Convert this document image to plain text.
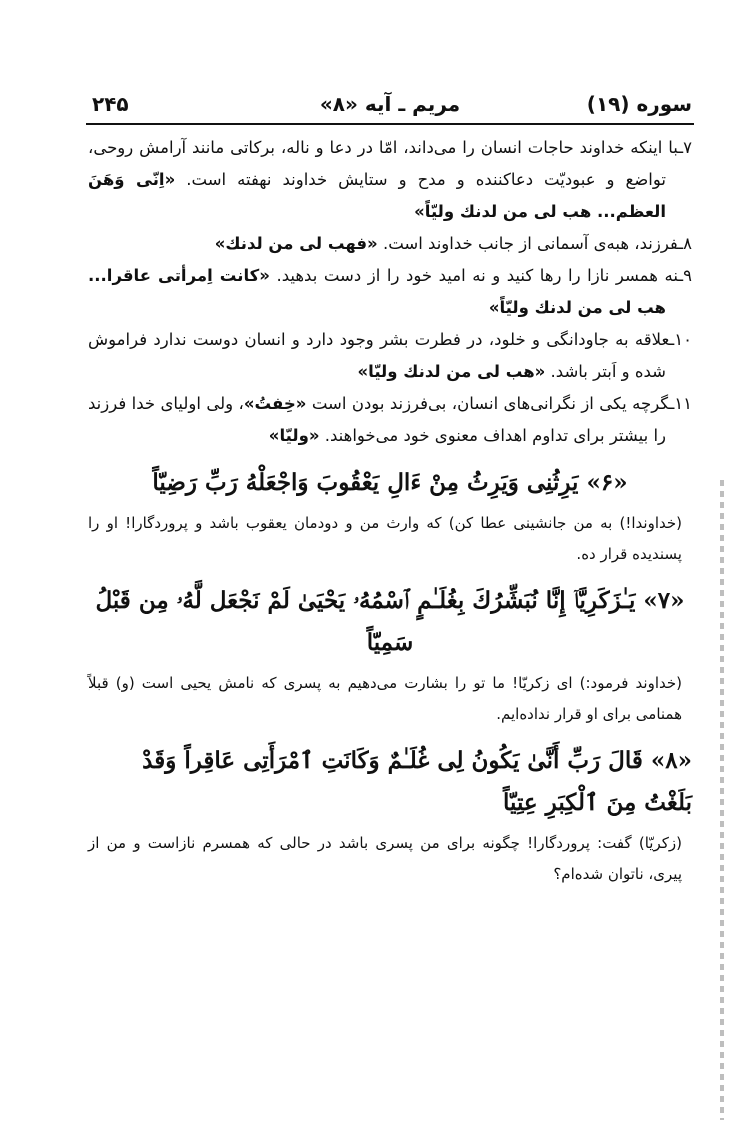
سوره (۱۹)
مریم ـ آیه «۸»
۲۴۵

۷ـبا اینکه خداوند حاجات انسان را می‌داند، امّا در دعا و ناله، برکاتی مانند آرامش روحی، تواضع و عبودیّت دعاکننده و مدح و ستایش خداوند نهفته است. «اِنّی وَهَنَ العظم... هب لی من لدنك ولیّاً»

۸ـفرزند، هبه‌ی آسمانی از جانب خداوند است. «فهب لی من لدنك»

۹ـنه همسر نازا را رها کنید و نه امید خود را از دست بدهید. «کانت اِمرأتی عاقرا... هب لی من لدنك ولیّاً»

۱۰ـعلاقه به جاودانگی و خلود، در فطرت بشر وجود دارد و انسان دوست ندارد فراموش شده و اَبتر باشد. «هب لی من لدنك ولیّا»

۱۱ـگرچه یکی از نگرانی‌های انسان، بی‌فرزند بودن است «خِفتُ»، ولی اولیای خدا فرزند را بیشتر برای تداوم اهداف معنوی خود می‌خواهند. «ولیّا»

«۶» یَرِثُنِی وَیَرِثُ مِنْ ءَالِ یَعْقُوبَ وَاجْعَلْهُ رَبِّ رَضِیّاً

(خداوندا!) به من جانشینی عطا کن) که وارث من و دودمان یعقوب باشد و پروردگارا! او را پسندیده قرار ده.

«۷» یَـٰزَكَرِیَّاۤ إِنَّا نُبَشِّرُكَ بِغُلَـٰمٍ ٱسْمُهُۥ یَحْیَىٰ لَمْ نَجْعَل لَّهُۥ مِن قَبْلُ سَمِیّاً

(خداوند فرمود:) ای زکریّا! ما تو را بشارت می‌دهیم به پسری که نامش یحیی است (و) قبلاً همنامی برای او قرار نداده‌ایم.

«۸» قَالَ رَبِّ أَنَّىٰ یَكُونُ لِی غُلَـٰمٌ وَكَانَتِ ٱمْرَأَتِی عَاقِراً وَقَدْ بَلَغْتُ مِنَ ٱلْكِبَرِ عِتِیّاً

(زکریّا) گفت: پروردگارا! چگونه برای من پسری باشد در حالی که همسرم نازاست و من از پیری، ناتوان شده‌ام؟
